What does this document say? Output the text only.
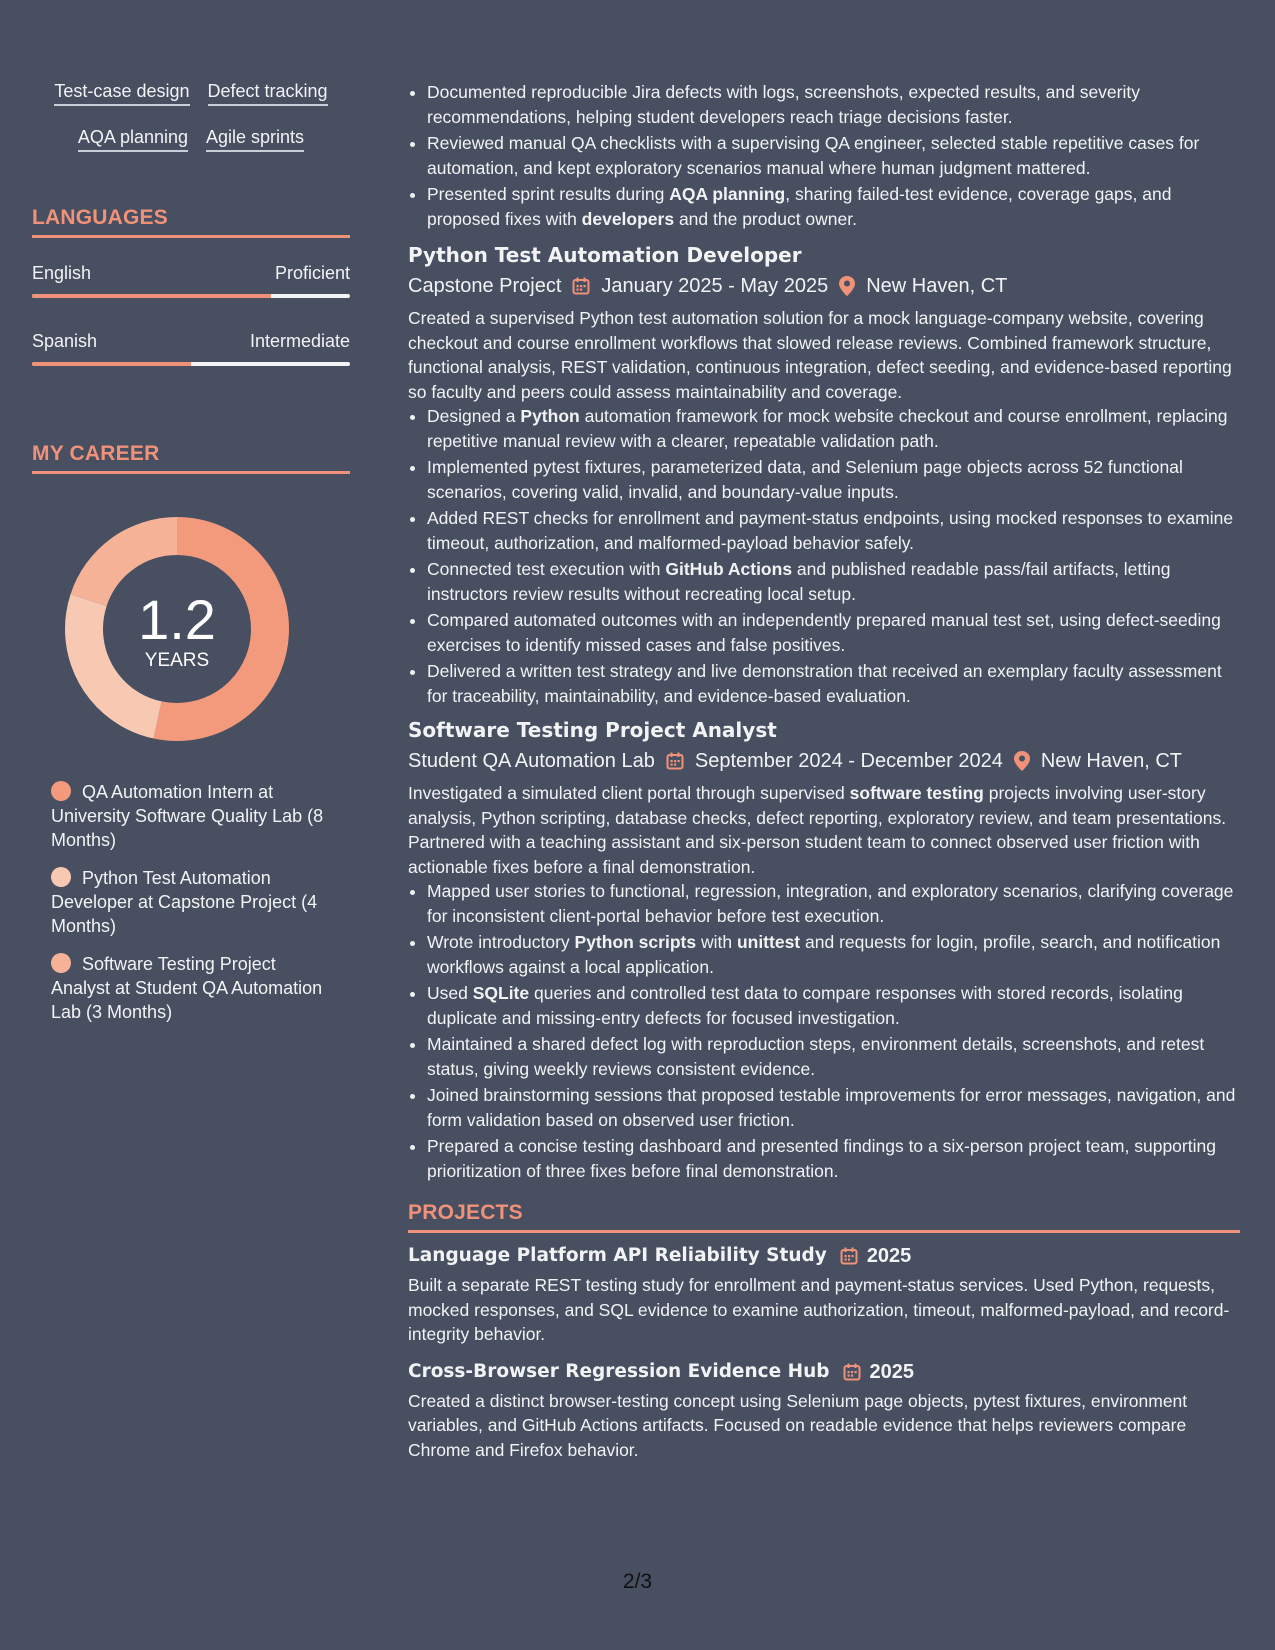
Test-case design Defect tracking
AQA planning Agile sprints
LANGUAGES
English	Proficient
Spanish	Intermediate
MY CAREER
1.2
YEARS
QA Automation Intern at University Software Quality Lab (8 Months)
Python Test Automation Developer at Capstone Project (4 Months)
Software Testing Project Analyst at Student QA Automation Lab (3 Months)
• Documented reproducible Jira defects with logs, screenshots, expected results, and severity recommendations, helping student developers reach triage decisions faster.
• Reviewed manual QA checklists with a supervising QA engineer, selected stable repetitive cases for automation, and kept exploratory scenarios manual where human judgment mattered.
• Presented sprint results during AQA planning, sharing failed-test evidence, coverage gaps, and proposed fixes with developers and the product owner.
Python Test Automation Developer
Capstone Project January 2025 - May 2025 New Haven, CT
Created a supervised Python test automation solution for a mock language-company website, covering checkout and course enrollment workflows that slowed release reviews. Combined framework structure, functional analysis, REST validation, continuous integration, defect seeding, and evidence-based reporting so faculty and peers could assess maintainability and coverage.
• Designed a Python automation framework for mock website checkout and course enrollment, replacing repetitive manual review with a clearer, repeatable validation path.
• Implemented pytest fixtures, parameterized data, and Selenium page objects across 52 functional scenarios, covering valid, invalid, and boundary-value inputs.
• Added REST checks for enrollment and payment-status endpoints, using mocked responses to examine timeout, authorization, and malformed-payload behavior safely.
• Connected test execution with GitHub Actions and published readable pass/fail artifacts, letting instructors review results without recreating local setup.
• Compared automated outcomes with an independently prepared manual test set, using defect-seeding exercises to identify missed cases and false positives.
• Delivered a written test strategy and live demonstration that received an exemplary faculty assessment for traceability, maintainability, and evidence-based evaluation.
Software Testing Project Analyst
Student QA Automation Lab September 2024 - December 2024 New Haven, CT
Investigated a simulated client portal through supervised software testing projects involving user-story analysis, Python scripting, database checks, defect reporting, exploratory review, and team presentations. Partnered with a teaching assistant and six-person student team to connect observed user friction with actionable fixes before a final demonstration.
• Mapped user stories to functional, regression, integration, and exploratory scenarios, clarifying coverage for inconsistent client-portal behavior before test execution.
• Wrote introductory Python scripts with unittest and requests for login, profile, search, and notification workflows against a local application.
• Used SQLite queries and controlled test data to compare responses with stored records, isolating duplicate and missing-entry defects for focused investigation.
• Maintained a shared defect log with reproduction steps, environment details, screenshots, and retest status, giving weekly reviews consistent evidence.
• Joined brainstorming sessions that proposed testable improvements for error messages, navigation, and form validation based on observed user friction.
• Prepared a concise testing dashboard and presented findings to a six-person project team, supporting prioritization of three fixes before final demonstration.
PROJECTS
Language Platform API Reliability Study 2025
Built a separate REST testing study for enrollment and payment-status services. Used Python, requests, mocked responses, and SQL evidence to examine authorization, timeout, malformed-payload, and record-integrity behavior.
Cross-Browser Regression Evidence Hub 2025
Created a distinct browser-testing concept using Selenium page objects, pytest fixtures, environment variables, and GitHub Actions artifacts. Focused on readable evidence that helps reviewers compare Chrome and Firefox behavior.
2/3
